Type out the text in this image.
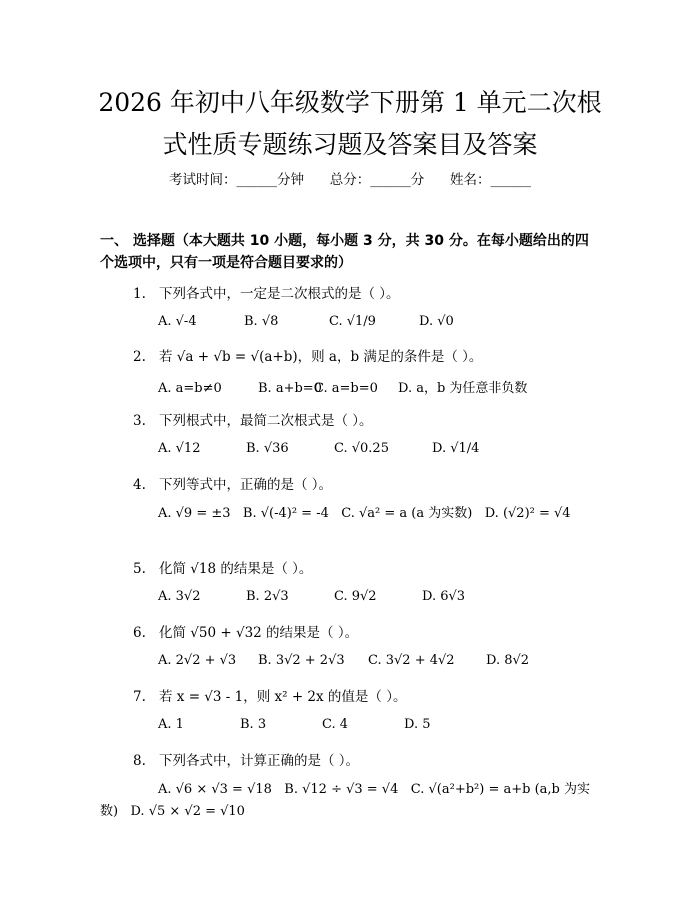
2026 年初中八年级数学下册第 1 单元二次根
式性质专题练习题及答案目及答案
考试时间：______分钟 总分：______分 姓名：______
一、 选择题（本大题共 10 小题，每小题 3 分，共 30 分。在每小题给出的四个选项中，只有一项是符合题目要求的）
1. 下列各式中，一定是二次根式的是（ ）。
A. √-4	B. √8	C. √1/9	D. √0
2. 若 √a + √b = √(a+b)，则 a，b 满足的条件是（ ）。
A. a=b≠0	B. a+b=0C. a=b=0 D. a，b 为任意非负数
3. 下列根式中，最简二次根式是（ ）。
A. √12	B. √36	C. √0.25	D. √1/4
4. 下列等式中，正确的是（ ）。
A. √9 = ±3   B. √(-4)² = -4   C. √a² = a (a 为实数)   D. (√2)² = √4
5. 化简 √18 的结果是（ ）。
A. 3√2	B. 2√3	C. 9√2	D. 6√3
6. 化简 √50 + √32 的结果是（ ）。
A. 2√2 + √3 B. 3√2 + 2√3 C. 3√2 + 4√2 D. 8√2
7. 若 x = √3 - 1，则 x² + 2x 的值是（ ）。
A. 1	B. 3	C. 4	D. 5
8. 下列各式中，计算正确的是（ ）。
A. √6 × √3 = √18   B. √12 ÷ √3 = √4   C. √(a²+b²) = a+b (a,b 为实数)   D. √5 × √2 = √10
